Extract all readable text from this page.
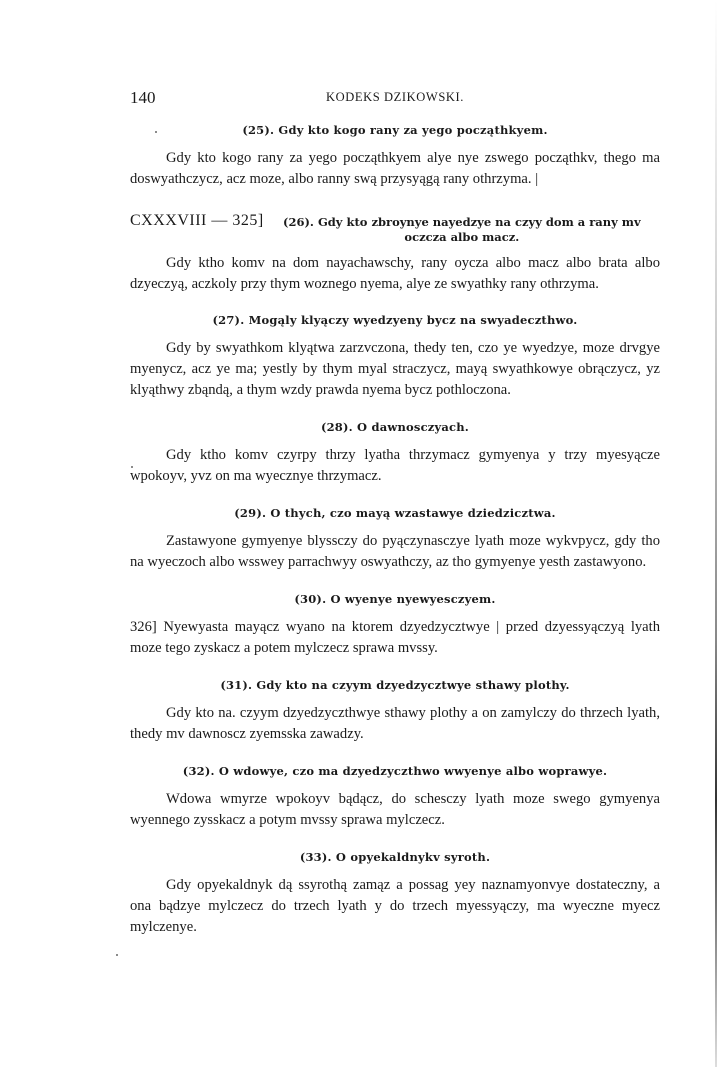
140	KODEKS DZIKOWSKI.
(25). Gdy kto kogo rany za yego począthkyem.

Gdy kto kogo rany za yego począthkyem alye nye zswego począthkv, thego ma doswyathczycz, acz moze, albo ranny swą przysyągą rany othrzyma. |

CXXXVIII — 325]	(26). Gdy kto zbroynye nayedzye na czyy dom a rany mv oczcza albo macz.

Gdy ktho komv na dom nayachawschy, rany oycza albo macz albo brata albo dzyeczyą, aczkoly przy thym woznego nyema, alye ze swyathky rany othrzyma.

(27). Mogąly klyączy wyedzyeny bycz na swyadeczthwo.

Gdy by swyathkom klyątwa zarzvczona, thedy ten, czo ye wyedzye, moze drvgye myenycz, acz ye ma; yestly by thym myal straczycz, mayą swyathkowye obrączycz, yz klyąthwy zbąndą, a thym wzdy prawda nyema bycz pothloczona.

(28). O dawnosczyach.

Gdy ktho komv czyrpy thrzy lyatha thrzymacz gymyenya y trzy myesyącze wpokoyv, yvz on ma wyecznye thrzymacz.

(29). O thych, czo mayą wzastawye dziedzicztwa.

Zastawyone gymyenye blyssczy do pyączynasczye lyath moze wykvpycz, gdy tho na wyeczoch albo wsswey parrachwyy oswyathczy, az tho gymyenye yesth zastawyono.

(30). O wyenye nyewyesczyem.

326] Nyewyasta mayącz wyano na ktorem dzyedzycztwye | przed dzyessyączyą lyath moze tego zyskacz a potem mylczecz sprawa mvssy.

(31). Gdy kto na czyym dzyedzycztwye sthawy plothy.

Gdy kto na. czyym dzyedzyczthwye sthawy plothy a on zamylczy do thrzech lyath, thedy mv dawnoscz zyemsska zawadzy.

(32). O wdowye, czo ma dzyedzyczthwo wwyenye albo woprawye.

Wdowa wmyrze wpokoyv bądącz, do schesczy lyath moze swego gymyenya wyennego zysskacz a potym mvssy sprawa mylczecz.

(33). O opyekaldnykv syroth.

Gdy opyekaldnyk dą ssyrothą zamąz a possag yey naznamyonvye dostateczny, a ona bądzye mylczecz do trzech lyath y do trzech myessyączy, ma wyeczne myecz mylczenye.
